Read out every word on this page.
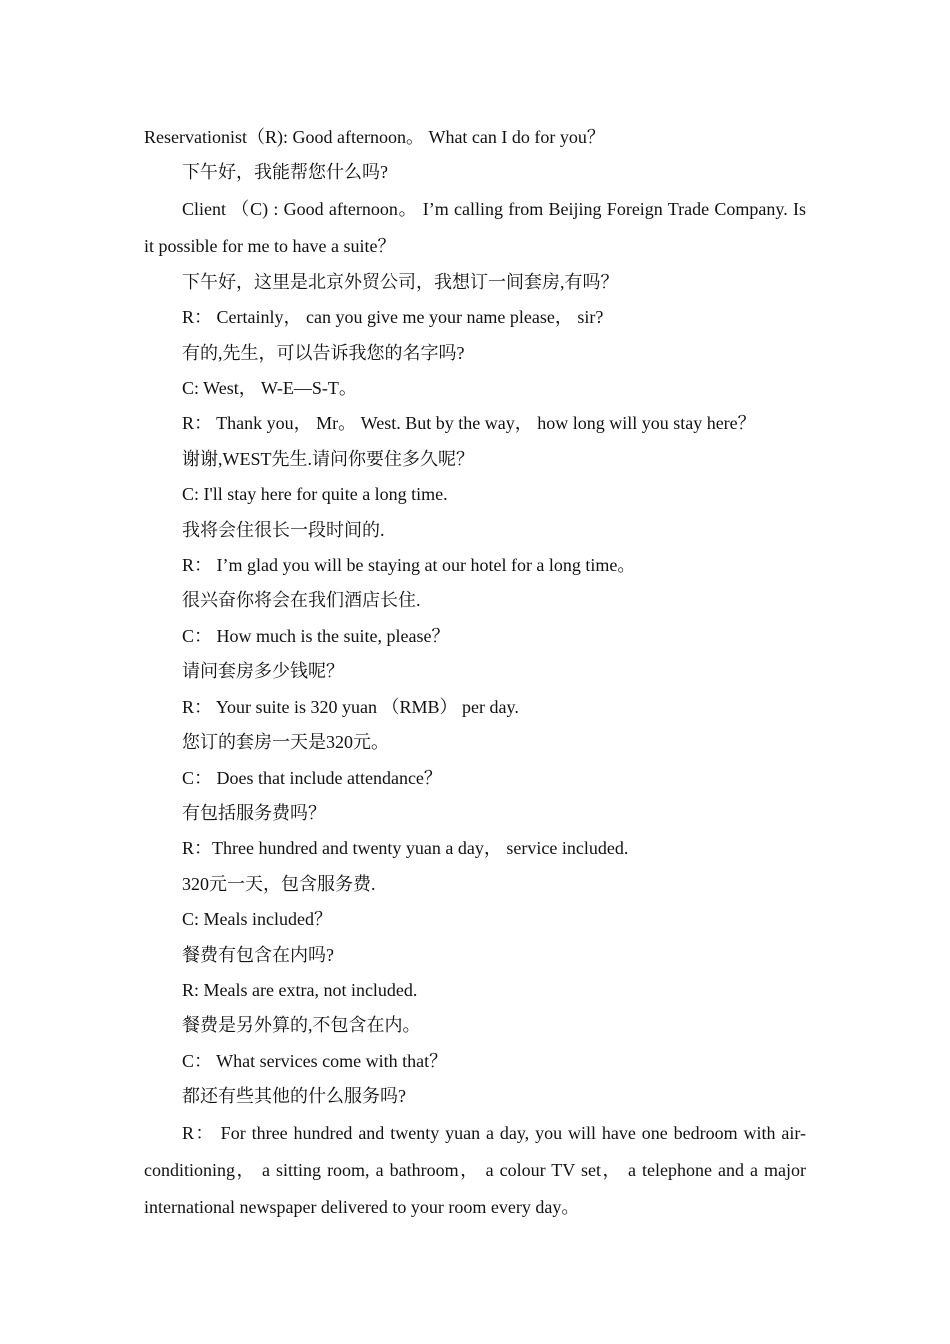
Reservationist（R): Good afternoon。 What can I do for you？
下午好，我能帮您什么吗?

Client （C) : Good afternoon。 I’m calling from Beijing Foreign Trade Company. Is it possible for me to have a suite？

下午好，这里是北京外贸公司，我想订一间套房,有吗？
R： Certainly， can you give me your name please， sir?
有的,先生，可以告诉我您的名字吗?
C: West， W-E—S-T。
R： Thank you， Mr。 West. But by the way， how long will you stay here？
谢谢,WEST先生.请问你要住多久呢？
C: I'll stay here for quite a long time.
我将会住很长一段时间的.
R： I’m glad you will be staying at our hotel for a long time。
很兴奋你将会在我们酒店长住.
C： How much is the suite, please？
请问套房多少钱呢？
R： Your suite is 320 yuan （RMB） per day.
您订的套房一天是320元。
C： Does that include attendance？
有包括服务费吗？
R：Three hundred and twenty yuan a day， service included.
320元一天，包含服务费.
C: Meals included？
餐费有包含在内吗?
R: Meals are extra, not included.
餐费是另外算的,不包含在内。
C： What services come with that？
都还有些其他的什么服务吗?

R： For three hundred and twenty yuan a day, you will have one bedroom with air-conditioning， a sitting room, a bathroom， a colour TV set， a telephone and a major international newspaper delivered to your room every day。
